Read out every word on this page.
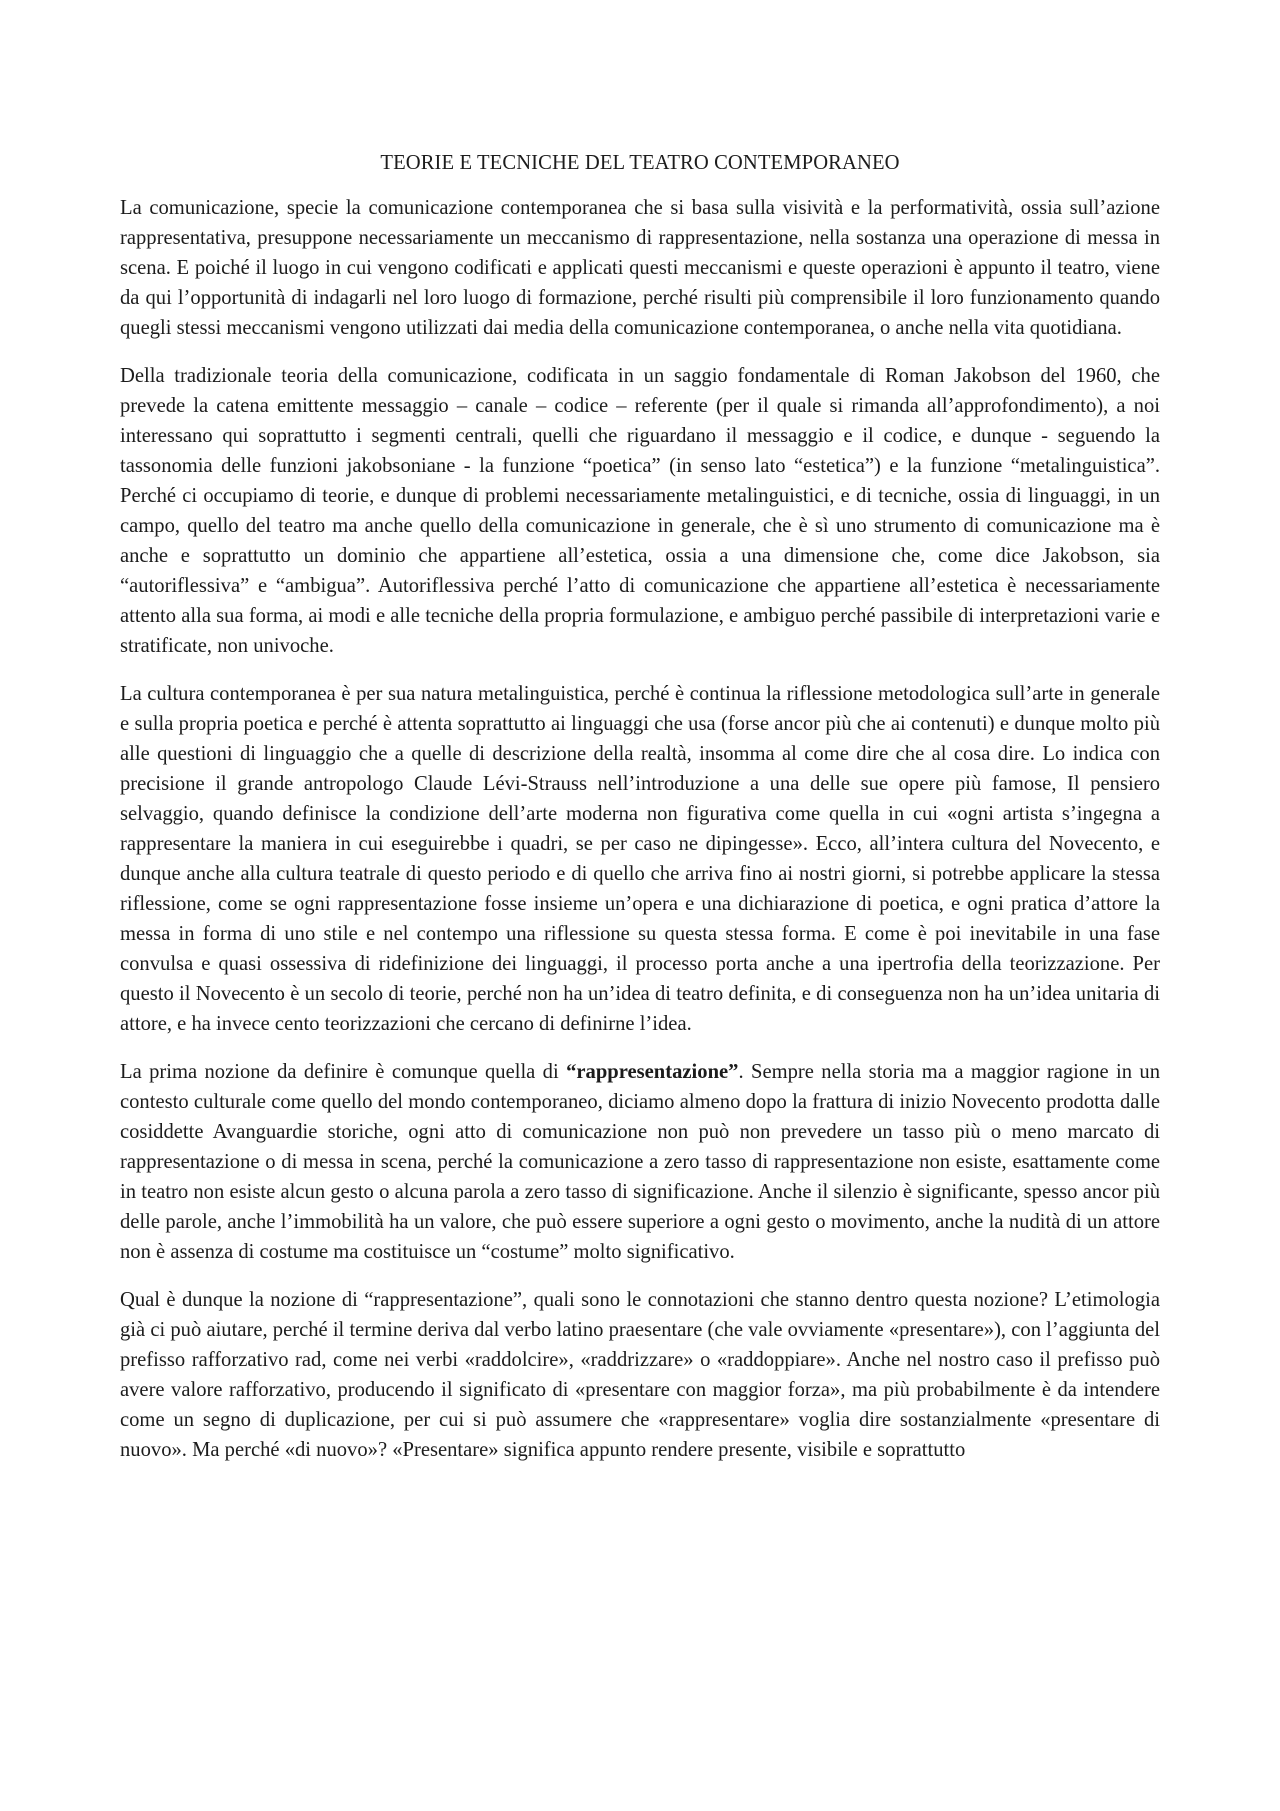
TEORIE E TECNICHE DEL TEATRO CONTEMPORANEO

La comunicazione, specie la comunicazione contemporanea che si basa sulla visività e la performatività, ossia sull’azione rappresentativa, presuppone necessariamente un meccanismo di rappresentazione, nella sostanza una operazione di messa in scena. E poiché il luogo in cui vengono codificati e applicati questi meccanismi e queste operazioni è appunto il teatro, viene da qui l’opportunità di indagarli nel loro luogo di formazione, perché risulti più comprensibile il loro funzionamento quando quegli stessi meccanismi vengono utilizzati dai media della comunicazione contemporanea, o anche nella vita quotidiana.

Della tradizionale teoria della comunicazione, codificata in un saggio fondamentale di Roman Jakobson del 1960, che prevede la catena emittente messaggio – canale – codice – referente (per il quale si rimanda all’approfondimento), a noi interessano qui soprattutto i segmenti centrali, quelli che riguardano il messaggio e il codice, e dunque - seguendo la tassonomia delle funzioni jakobsoniane - la funzione “poetica” (in senso lato “estetica”) e la funzione “metalinguistica”. Perché ci occupiamo di teorie, e dunque di problemi necessariamente metalinguistici, e di tecniche, ossia di linguaggi, in un campo, quello del teatro ma anche quello della comunicazione in generale, che è sì uno strumento di comunicazione ma è anche e soprattutto un dominio che appartiene all’estetica, ossia a una dimensione che, come dice Jakobson, sia “autoriflessiva” e “ambigua”. Autoriflessiva perché l’atto di comunicazione che appartiene all’estetica è necessariamente attento alla sua forma, ai modi e alle tecniche della propria formulazione, e ambiguo perché passibile di interpretazioni varie e stratificate, non univoche.

La cultura contemporanea è per sua natura metalinguistica, perché è continua la riflessione metodologica sull’arte in generale e sulla propria poetica e perché è attenta soprattutto ai linguaggi che usa (forse ancor più che ai contenuti) e dunque molto più alle questioni di linguaggio che a quelle di descrizione della realtà, insomma al come dire che al cosa dire. Lo indica con precisione il grande antropologo Claude Lévi-Strauss nell’introduzione a una delle sue opere più famose, Il pensiero selvaggio, quando definisce la condizione dell’arte moderna non figurativa come quella in cui «ogni artista s’ingegna a rappresentare la maniera in cui eseguirebbe i quadri, se per caso ne dipingesse». Ecco, all’intera cultura del Novecento, e dunque anche alla cultura teatrale di questo periodo e di quello che arriva fino ai nostri giorni, si potrebbe applicare la stessa riflessione, come se ogni rappresentazione fosse insieme un’opera e una dichiarazione di poetica, e ogni pratica d’attore la messa in forma di uno stile e nel contempo una riflessione su questa stessa forma. E come è poi inevitabile in una fase convulsa e quasi ossessiva di ridefinizione dei linguaggi, il processo porta anche a una ipertrofia della teorizzazione. Per questo il Novecento è un secolo di teorie, perché non ha un’idea di teatro definita, e di conseguenza non ha un’idea unitaria di attore, e ha invece cento teorizzazioni che cercano di definirne l’idea.

La prima nozione da definire è comunque quella di “rappresentazione”. Sempre nella storia ma a maggior ragione in un contesto culturale come quello del mondo contemporaneo, diciamo almeno dopo la frattura di inizio Novecento prodotta dalle cosiddette Avanguardie storiche, ogni atto di comunicazione non può non prevedere un tasso più o meno marcato di rappresentazione o di messa in scena, perché la comunicazione a zero tasso di rappresentazione non esiste, esattamente come in teatro non esiste alcun gesto o alcuna parola a zero tasso di significazione. Anche il silenzio è significante, spesso ancor più delle parole, anche l’immobilità ha un valore, che può essere superiore a ogni gesto o movimento, anche la nudità di un attore non è assenza di costume ma costituisce un “costume” molto significativo.

Qual è dunque la nozione di “rappresentazione”, quali sono le connotazioni che stanno dentro questa nozione? L’etimologia già ci può aiutare, perché il termine deriva dal verbo latino praesentare (che vale ovviamente «presentare»), con l’aggiunta del prefisso rafforzativo rad, come nei verbi «raddolcire», «raddrizzare» o «raddoppiare». Anche nel nostro caso il prefisso può avere valore rafforzativo, producendo il significato di «presentare con maggior forza», ma più probabilmente è da intendere come un segno di duplicazione, per cui si può assumere che «rappresentare» voglia dire sostanzialmente «presentare di nuovo». Ma perché «di nuovo»? «Presentare» significa appunto rendere presente, visibile e soprattutto
